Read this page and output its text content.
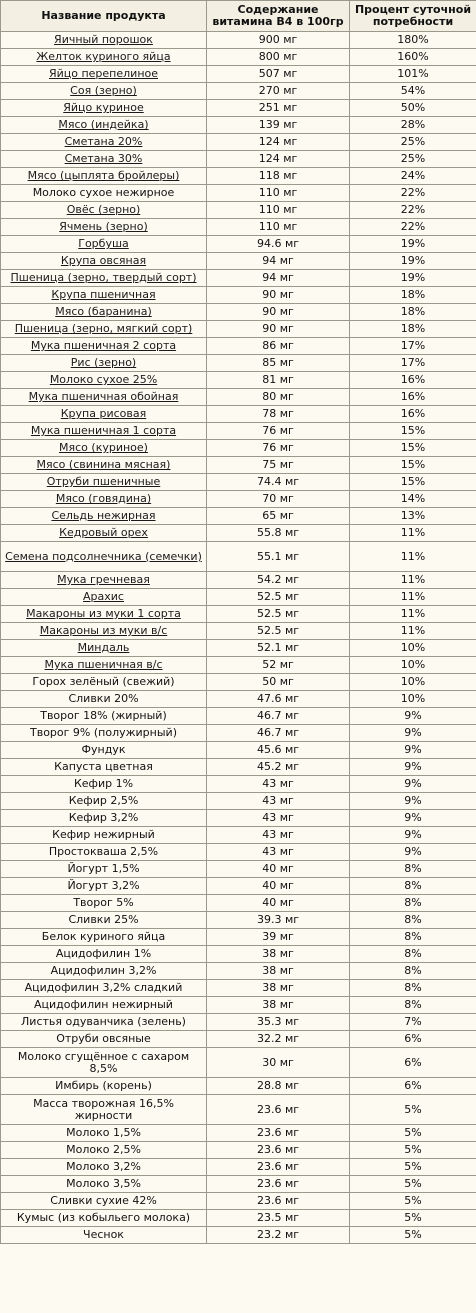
Название продукта	Содержание витамина В4 в 100гр	Процент суточной потребности
Яичный порошок	900 мг	180%
Желток куриного яйца	800 мг	160%
Яйцо перепелиное	507 мг	101%
Соя (зерно)	270 мг	54%
Яйцо куриное	251 мг	50%
Мясо (индейка)	139 мг	28%
Сметана 20%	124 мг	25%
Сметана 30%	124 мг	25%
Мясо (цыплята бройлеры)	118 мг	24%
Молоко сухое нежирное	110 мг	22%
Овёс (зерно)	110 мг	22%
Ячмень (зерно)	110 мг	22%
Горбуша	94.6 мг	19%
Крупа овсяная	94 мг	19%
Пшеница (зерно, твердый сорт)	94 мг	19%
Крупа пшеничная	90 мг	18%
Мясо (баранина)	90 мг	18%
Пшеница (зерно, мягкий сорт)	90 мг	18%
Мука пшеничная 2 сорта	86 мг	17%
Рис (зерно)	85 мг	17%
Молоко сухое 25%	81 мг	16%
Мука пшеничная обойная	80 мг	16%
Крупа рисовая	78 мг	16%
Мука пшеничная 1 сорта	76 мг	15%
Мясо (куриное)	76 мг	15%
Мясо (свинина мясная)	75 мг	15%
Отруби пшеничные	74.4 мг	15%
Мясо (говядина)	70 мг	14%
Сельдь нежирная	65 мг	13%
Кедровый орех	55.8 мг	11%
Семена подсолнечника (семечки)	55.1 мг	11%
Мука гречневая	54.2 мг	11%
Арахис	52.5 мг	11%
Макароны из муки 1 сорта	52.5 мг	11%
Макароны из муки в/с	52.5 мг	11%
Миндаль	52.1 мг	10%
Мука пшеничная в/с	52 мг	10%
Горох зелёный (свежий)	50 мг	10%
Сливки 20%	47.6 мг	10%
Творог 18% (жирный)	46.7 мг	9%
Творог 9% (полужирный)	46.7 мг	9%
Фундук	45.6 мг	9%
Капуста цветная	45.2 мг	9%
Кефир 1%	43 мг	9%
Кефир 2,5%	43 мг	9%
Кефир 3,2%	43 мг	9%
Кефир нежирный	43 мг	9%
Простокваша 2,5%	43 мг	9%
Йогурт 1,5%	40 мг	8%
Йогурт 3,2%	40 мг	8%
Творог 5%	40 мг	8%
Сливки 25%	39.3 мг	8%
Белок куриного яйца	39 мг	8%
Ацидофилин 1%	38 мг	8%
Ацидофилин 3,2%	38 мг	8%
Ацидофилин 3,2% сладкий	38 мг	8%
Ацидофилин нежирный	38 мг	8%
Листья одуванчика (зелень)	35.3 мг	7%
Отруби овсяные	32.2 мг	6%
Молоко сгущённое с сахаром 8,5%	30 мг	6%
Имбирь (корень)	28.8 мг	6%
Масса творожная 16,5% жирности	23.6 мг	5%
Молоко 1,5%	23.6 мг	5%
Молоко 2,5%	23.6 мг	5%
Молоко 3,2%	23.6 мг	5%
Молоко 3,5%	23.6 мг	5%
Сливки сухие 42%	23.6 мг	5%
Кумыс (из кобыльего молока)	23.5 мг	5%
Чеснок	23.2 мг	5%
